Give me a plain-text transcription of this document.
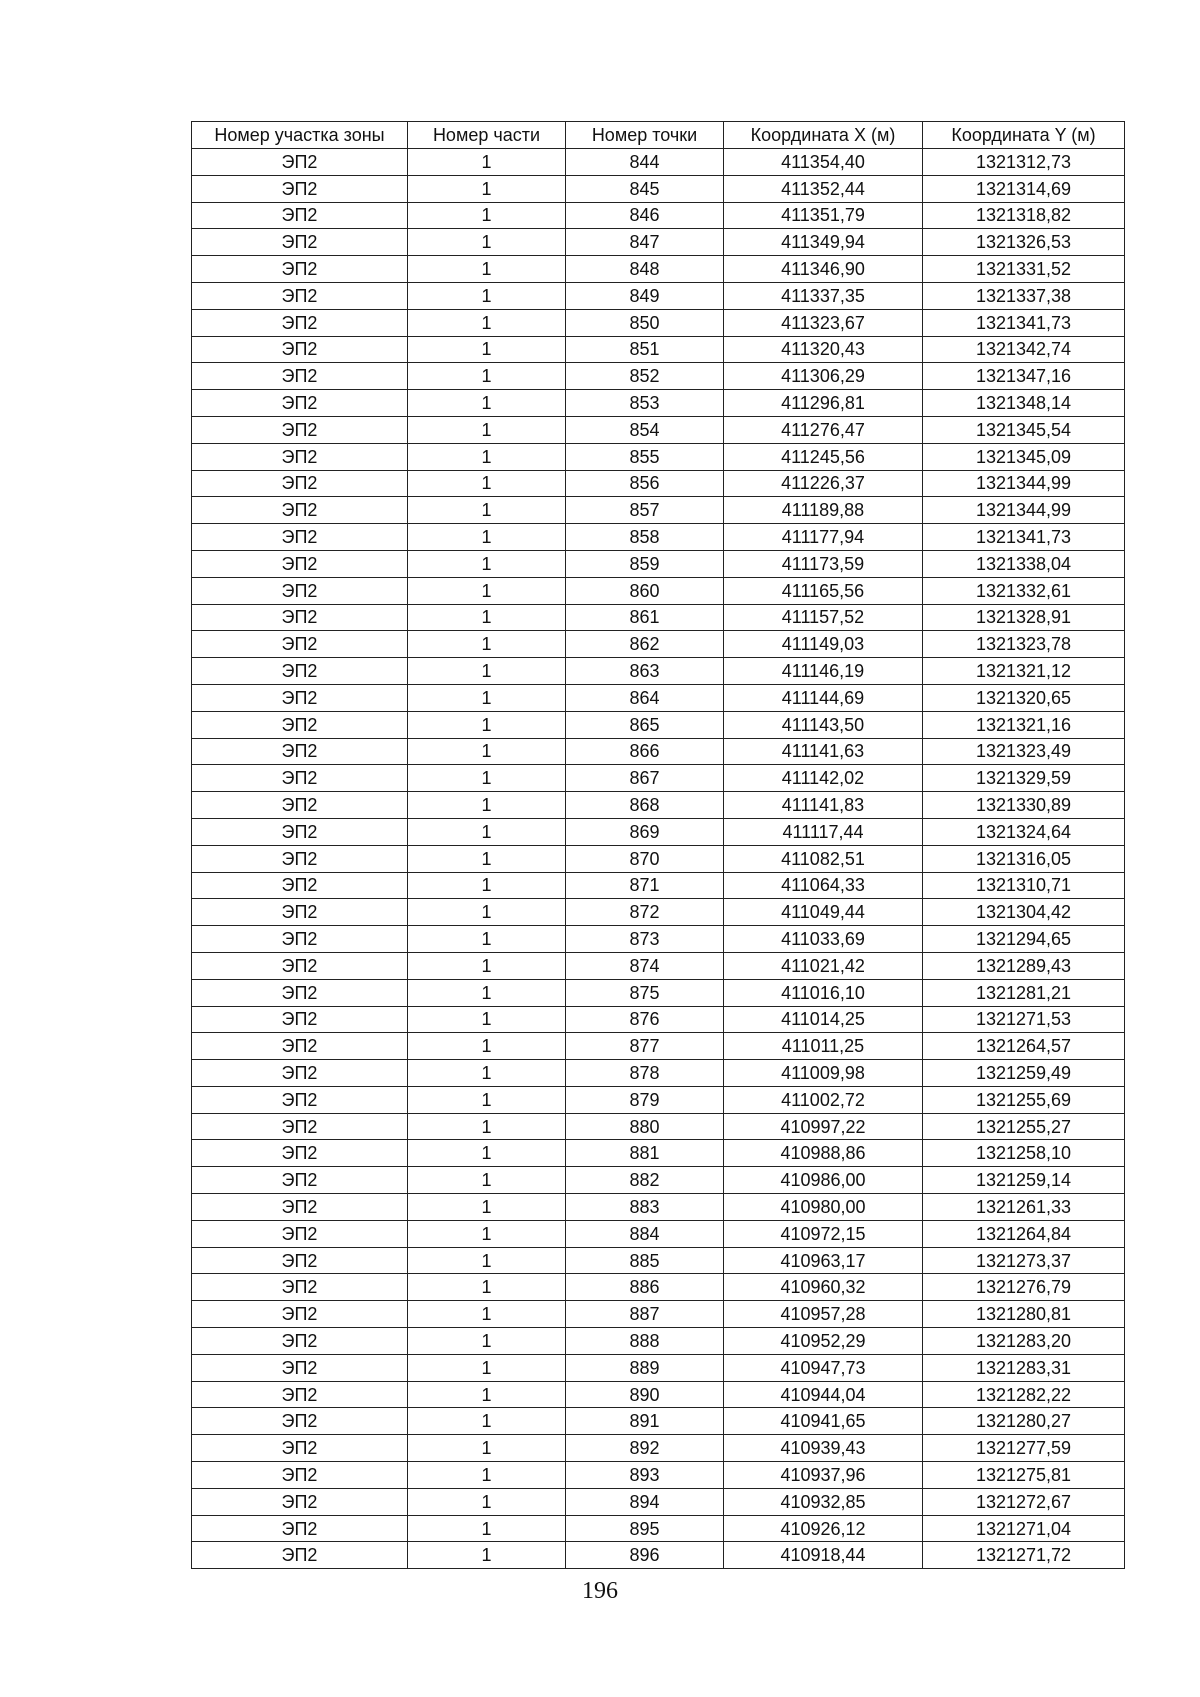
Номер участка зоны	Номер части	Номер точки	Координата X (м)	Координата Y (м)
ЭП2	1	844	411354,40	1321312,73
ЭП2	1	845	411352,44	1321314,69
ЭП2	1	846	411351,79	1321318,82
ЭП2	1	847	411349,94	1321326,53
ЭП2	1	848	411346,90	1321331,52
ЭП2	1	849	411337,35	1321337,38
ЭП2	1	850	411323,67	1321341,73
ЭП2	1	851	411320,43	1321342,74
ЭП2	1	852	411306,29	1321347,16
ЭП2	1	853	411296,81	1321348,14
ЭП2	1	854	411276,47	1321345,54
ЭП2	1	855	411245,56	1321345,09
ЭП2	1	856	411226,37	1321344,99
ЭП2	1	857	411189,88	1321344,99
ЭП2	1	858	411177,94	1321341,73
ЭП2	1	859	411173,59	1321338,04
ЭП2	1	860	411165,56	1321332,61
ЭП2	1	861	411157,52	1321328,91
ЭП2	1	862	411149,03	1321323,78
ЭП2	1	863	411146,19	1321321,12
ЭП2	1	864	411144,69	1321320,65
ЭП2	1	865	411143,50	1321321,16
ЭП2	1	866	411141,63	1321323,49
ЭП2	1	867	411142,02	1321329,59
ЭП2	1	868	411141,83	1321330,89
ЭП2	1	869	411117,44	1321324,64
ЭП2	1	870	411082,51	1321316,05
ЭП2	1	871	411064,33	1321310,71
ЭП2	1	872	411049,44	1321304,42
ЭП2	1	873	411033,69	1321294,65
ЭП2	1	874	411021,42	1321289,43
ЭП2	1	875	411016,10	1321281,21
ЭП2	1	876	411014,25	1321271,53
ЭП2	1	877	411011,25	1321264,57
ЭП2	1	878	411009,98	1321259,49
ЭП2	1	879	411002,72	1321255,69
ЭП2	1	880	410997,22	1321255,27
ЭП2	1	881	410988,86	1321258,10
ЭП2	1	882	410986,00	1321259,14
ЭП2	1	883	410980,00	1321261,33
ЭП2	1	884	410972,15	1321264,84
ЭП2	1	885	410963,17	1321273,37
ЭП2	1	886	410960,32	1321276,79
ЭП2	1	887	410957,28	1321280,81
ЭП2	1	888	410952,29	1321283,20
ЭП2	1	889	410947,73	1321283,31
ЭП2	1	890	410944,04	1321282,22
ЭП2	1	891	410941,65	1321280,27
ЭП2	1	892	410939,43	1321277,59
ЭП2	1	893	410937,96	1321275,81
ЭП2	1	894	410932,85	1321272,67
ЭП2	1	895	410926,12	1321271,04
ЭП2	1	896	410918,44	1321271,72
196
